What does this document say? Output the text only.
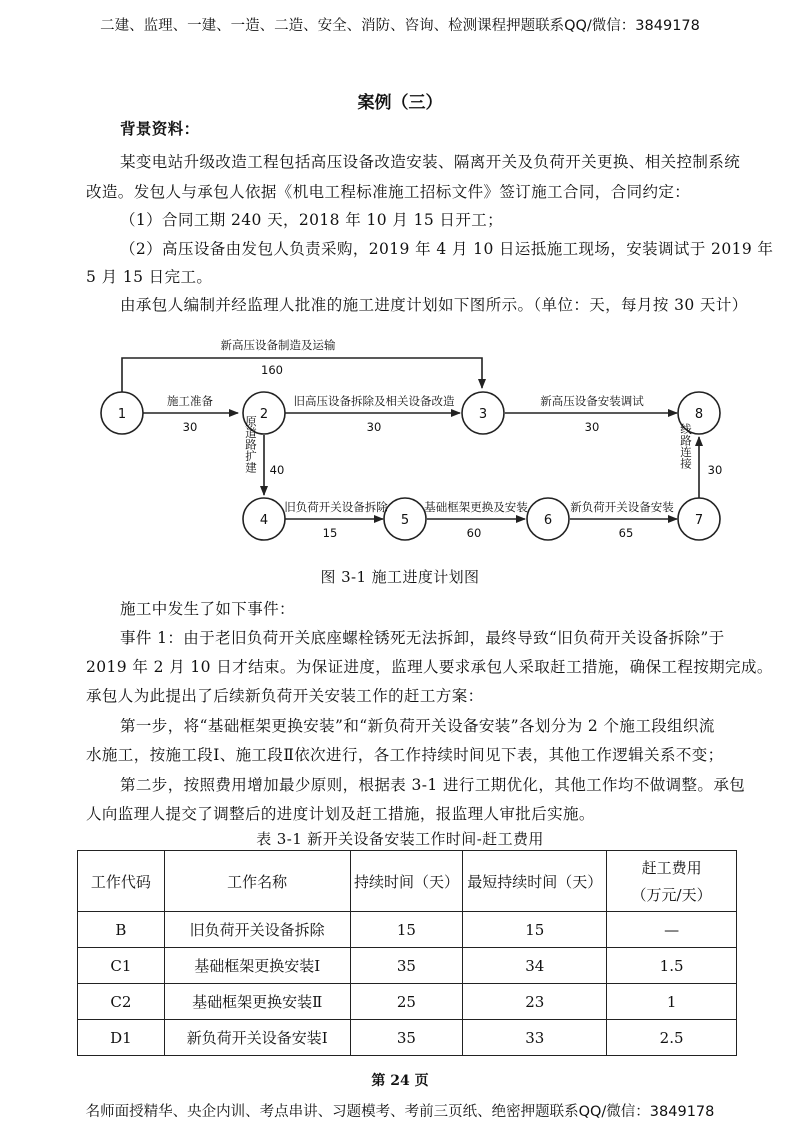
二建、监理、一建、一造、二造、安全、消防、咨询、检测课程押题联系QQ/微信：3849178
案例（三）
背景资料：
某变电站升级改造工程包括高压设备改造安装、隔离开关及负荷开关更换、相关控制系统
改造。发包人与承包人依据《机电工程标准施工招标文件》签订施工合同，合同约定：
（1）合同工期 240 天，2018 年 10 月 15 日开工；
（2）高压设备由发包人负责采购，2019 年 4 月 10 日运抵施工现场，安装调试于 2019 年
5 月 15 日完工。
由承包人编制并经监理人批准的施工进度计划如下图所示。（单位：天，每月按 30 天计）
1	2	3
4	5	6	7
8
新高压设备制造及运输
160
施工准备
30
旧高压设备拆除及相关设备改造
30
新高压设备安装调试
30
40
旧负荷开关设备拆除
15
基础框架更换及安装
60
新负荷开关设备安装
65
30
原道路扩建	线路连接
图 3-1 施工进度计划图
施工中发生了如下事件：
事件 1：由于老旧负荷开关底座螺栓锈死无法拆卸，最终导致“旧负荷开关设备拆除”于
2019 年 2 月 10 日才结束。为保证进度，监理人要求承包人采取赶工措施，确保工程按期完成。
承包人为此提出了后续新负荷开关安装工作的赶工方案：
第一步，将“基础框架更换安装”和“新负荷开关设备安装”各划分为 2 个施工段组织流
水施工，按施工段Ⅰ、施工段Ⅱ依次进行，各工作持续时间见下表，其他工作逻辑关系不变；
第二步，按照费用增加最少原则，根据表 3-1 进行工期优化，其他工作均不做调整。承包
人向监理人提交了调整后的进度计划及赶工措施，报监理人审批后实施。
表 3-1 新开关设备安装工作时间-赶工费用
工作代码	工作名称	持续时间（天）	最短持续时间（天）	赶工费用
（万元/天）

B	旧负荷开关设备拆除	15	15	—
C1	基础框架更换安装Ⅰ	35	34	1.5
C2	基础框架更换安装Ⅱ	25	23	1
D1	新负荷开关设备安装Ⅰ	35	33	2.5
第 24 页
名师面授精华、央企内训、考点串讲、习题模考、考前三页纸、绝密押题联系QQ/微信：3849178
